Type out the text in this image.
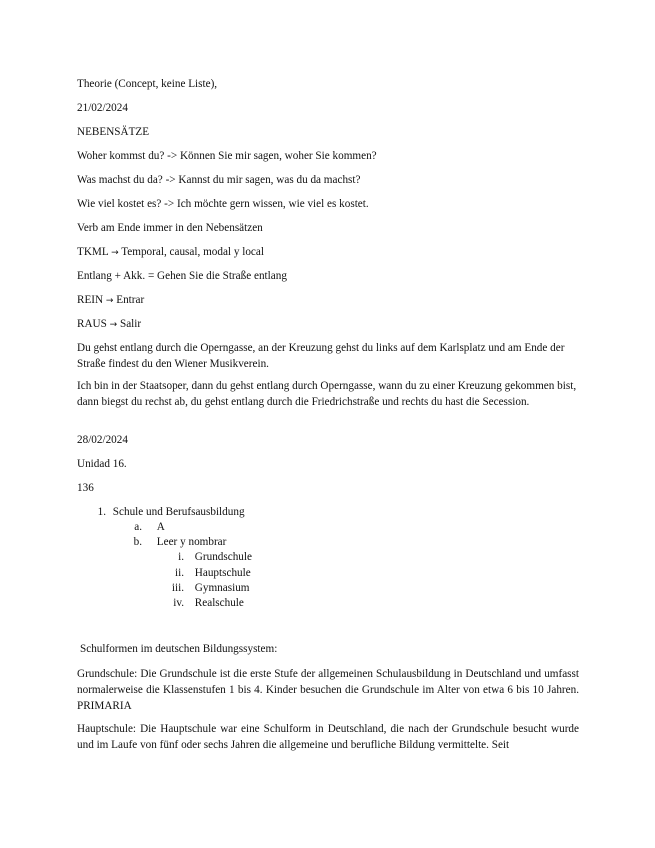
Theorie (Concept, keine Liste),

21/02/2024

NEBENSÄTZE

Woher kommst du? -> Können Sie mir sagen, woher Sie kommen?

Was machst du da? -> Kannst du mir sagen, was du da machst?

Wie viel kostet es? -> Ich möchte gern wissen, wie viel es kostet.

Verb am Ende immer in den Nebensätzen

TKML → Temporal, causal, modal y local

Entlang + Akk. = Gehen Sie die Straße entlang

REIN → Entrar

RAUS → Salir

Du gehst entlang durch die Operngasse, an der Kreuzung gehst du links auf dem Karlsplatz und am Ende der Straße findest du den Wiener Musikverein.

Ich bin in der Staatsoper, dann du gehst entlang durch Operngasse, wann du zu einer Kreuzung gekommen bist, dann biegst du rechst ab, du gehst entlang durch die Friedrichstraße und rechts du hast die Secession.

28/02/2024

Unidad 16.

136

1. Schule und Berufsausbildung
a. A
b. Leer y nombrar
i. Grundschule
ii. Hauptschule
iii. Gymnasium
iv. Realschule

Schulformen im deutschen Bildungssystem:

Grundschule: Die Grundschule ist die erste Stufe der allgemeinen Schulausbildung in Deutschland und umfasst normalerweise die Klassenstufen 1 bis 4. Kinder besuchen die Grundschule im Alter von etwa 6 bis 10 Jahren. PRIMARIA

Hauptschule: Die Hauptschule war eine Schulform in Deutschland, die nach der Grundschule besucht wurde und im Laufe von fünf oder sechs Jahren die allgemeine und berufliche Bildung vermittelte. Seit
